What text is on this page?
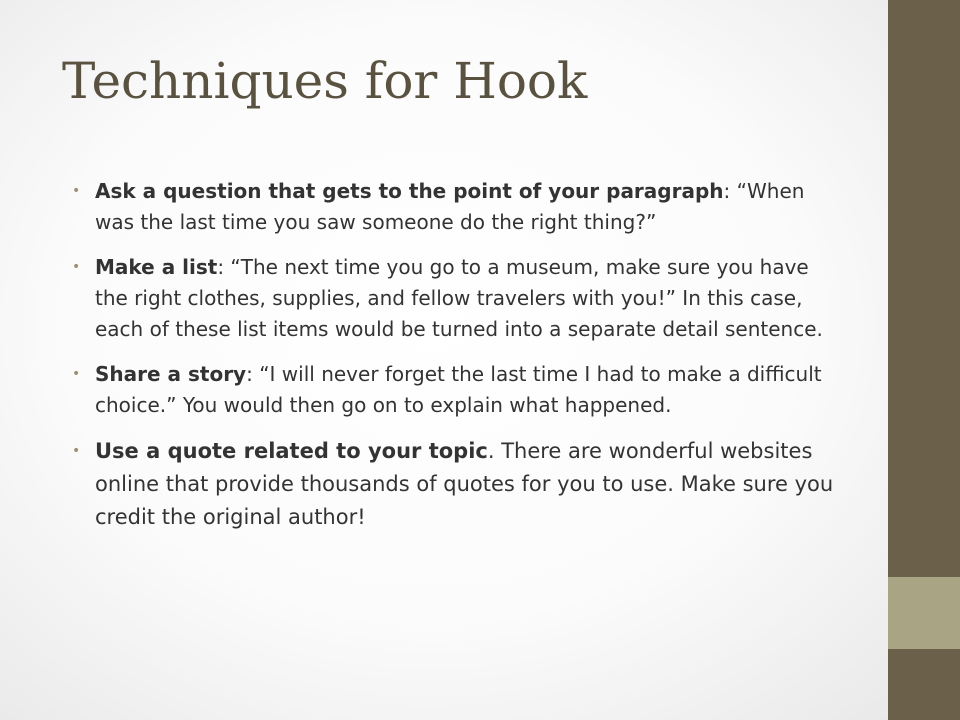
Techniques for Hook
• Ask a question that gets to the point of your paragraph: “When was the last time you saw someone do the right thing?”
• Make a list: “The next time you go to a museum, make sure you have the right clothes, supplies, and fellow travelers with you!” In this case, each of these list items would be turned into a separate detail sentence.
• Share a story: “I will never forget the last time I had to make a difficult choice.” You would then go on to explain what happened.
• Use a quote related to your topic. There are wonderful websites online that provide thousands of quotes for you to use. Make sure you credit the original author!
